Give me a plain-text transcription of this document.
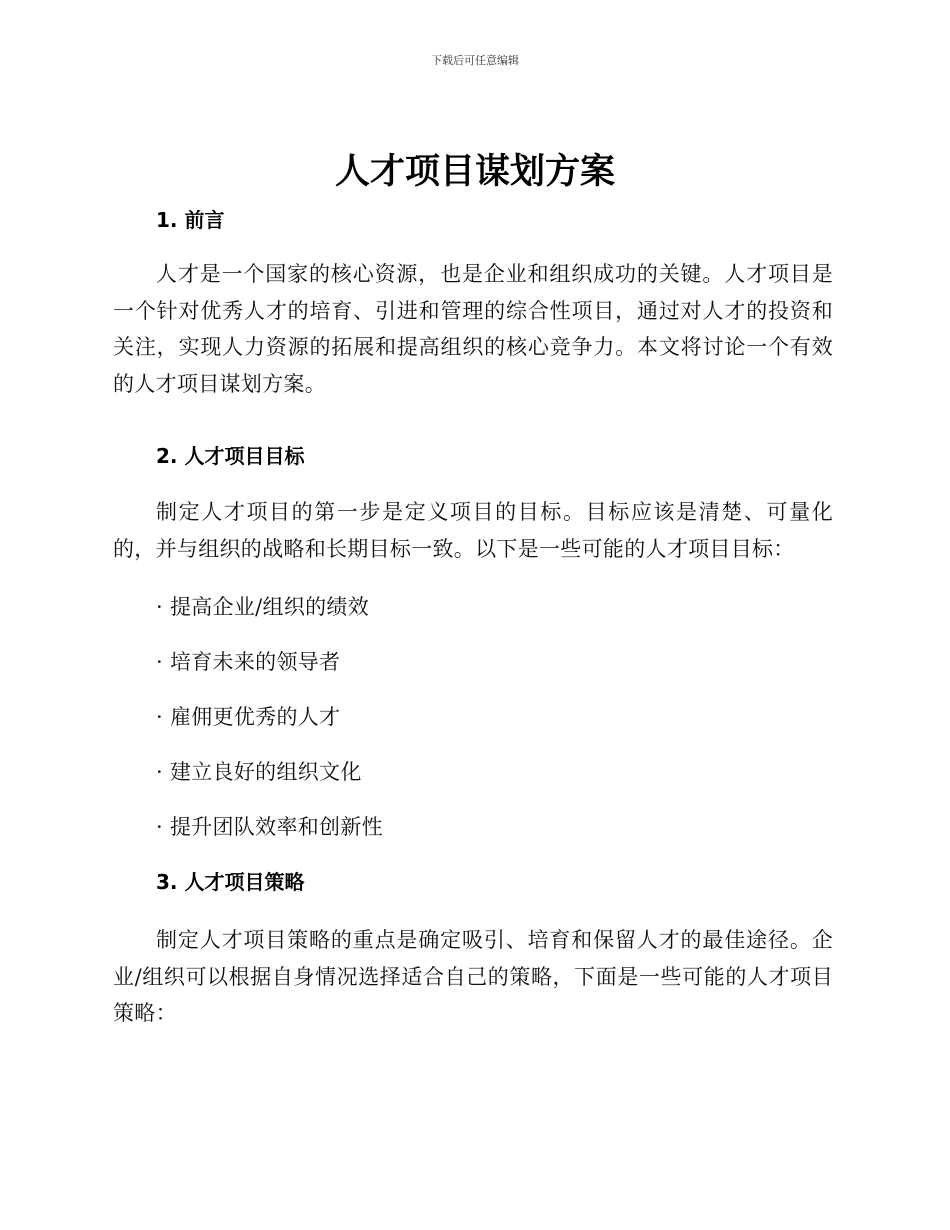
下载后可任意编辑
人才项目谋划方案
1. 前言

人才是一个国家的核心资源，也是企业和组织成功的关键。人才项目是一个针对优秀人才的培育、引进和管理的综合性项目，通过对人才的投资和关注，实现人力资源的拓展和提高组织的核心竞争力。本文将讨论一个有效的人才项目谋划方案。

2. 人才项目目标

制定人才项目的第一步是定义项目的目标。目标应该是清楚、可量化的，并与组织的战略和长期目标一致。以下是一些可能的人才项目目标：

· 提高企业/组织的绩效

· 培育未来的领导者

· 雇佣更优秀的人才

· 建立良好的组织文化

· 提升团队效率和创新性

3. 人才项目策略

制定人才项目策略的重点是确定吸引、培育和保留人才的最佳途径。企业/组织可以根据自身情况选择适合自己的策略，下面是一些可能的人才项目策略：
